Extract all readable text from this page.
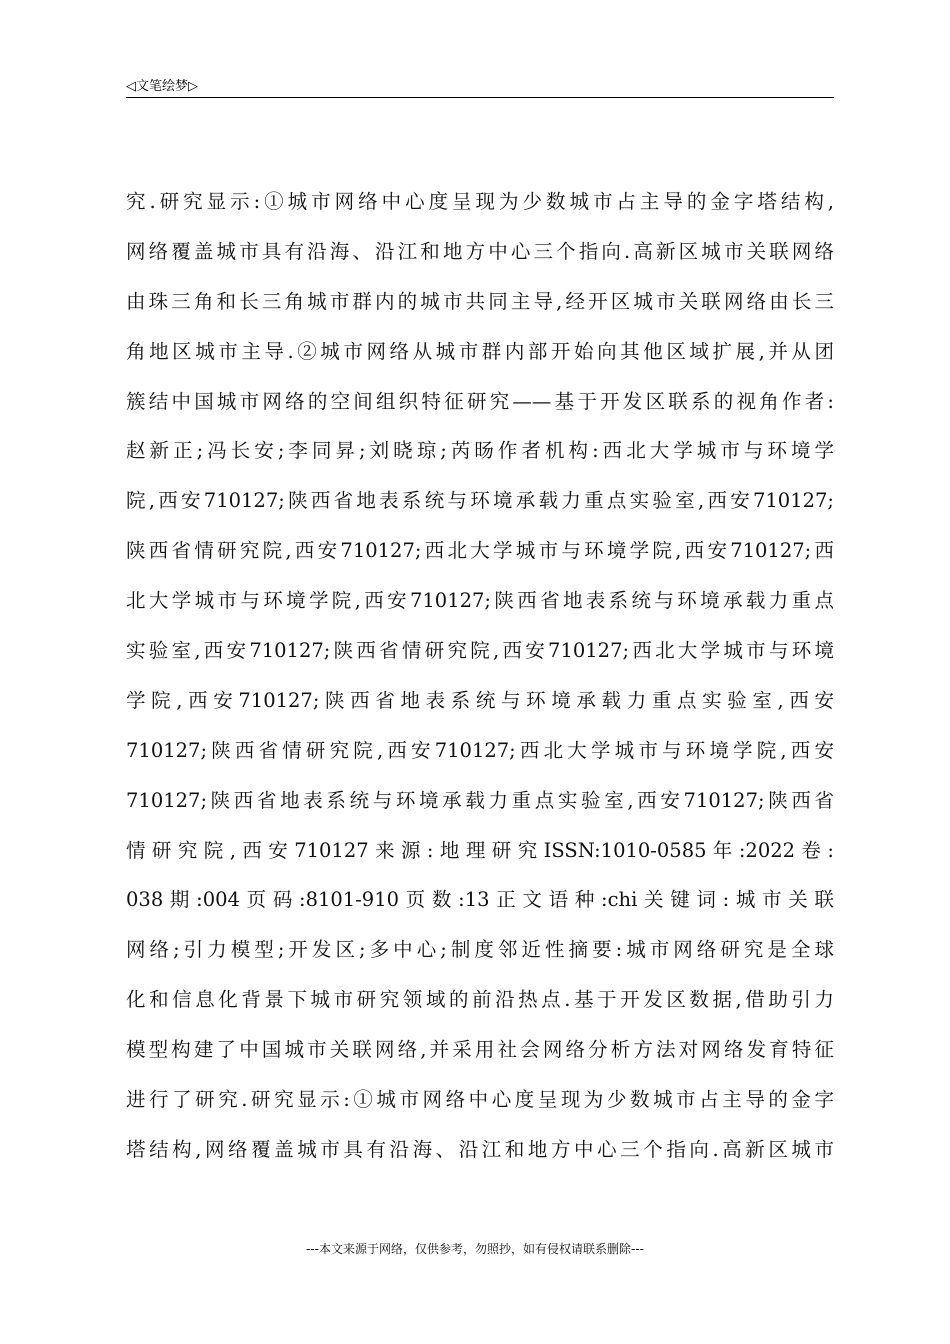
◁文笔绘梦▷
究.研究显示:①城市网络中心度呈现为少数城市占主导的金字塔结构,
网络覆盖城市具有沿海、沿江和地方中心三个指向.高新区城市关联网络
由珠三角和长三角城市群内的城市共同主导,经开区城市关联网络由长三
角地区城市主导.②城市网络从城市群内部开始向其他区域扩展,并从团
簇结中国城市网络的空间组织特征研究——基于开发区联系的视角作者:
赵新正;冯长安;李同昇;刘晓琼;芮旸作者机构:西北大学城市与环境学
院,西安710127;陕西省地表系统与环境承载力重点实验室,西安710127;
陕西省情研究院,西安710127;西北大学城市与环境学院,西安710127;西
北大学城市与环境学院,西安710127;陕西省地表系统与环境承载力重点
实验室,西安710127;陕西省情研究院,西安710127;西北大学城市与环境
学院,西安710127;陕西省地表系统与环境承载力重点实验室,西安
710127;陕西省情研究院,西安710127;西北大学城市与环境学院,西安
710127;陕西省地表系统与环境承载力重点实验室,西安710127;陕西省
情研究院,西安710127来源:地理研究ISSN:1010-0585年:2022卷:
038期:004页码:8101-910页数:13正文语种:chi关键词:城市关联
网络;引力模型;开发区;多中心;制度邻近性摘要:城市网络研究是全球
化和信息化背景下城市研究领域的前沿热点.基于开发区数据,借助引力
模型构建了中国城市关联网络,并采用社会网络分析方法对网络发育特征
进行了研究.研究显示:①城市网络中心度呈现为少数城市占主导的金字
塔结构,网络覆盖城市具有沿海、沿江和地方中心三个指向.高新区城市
---本文来源于网络，仅供参考，勿照抄，如有侵权请联系删除---
